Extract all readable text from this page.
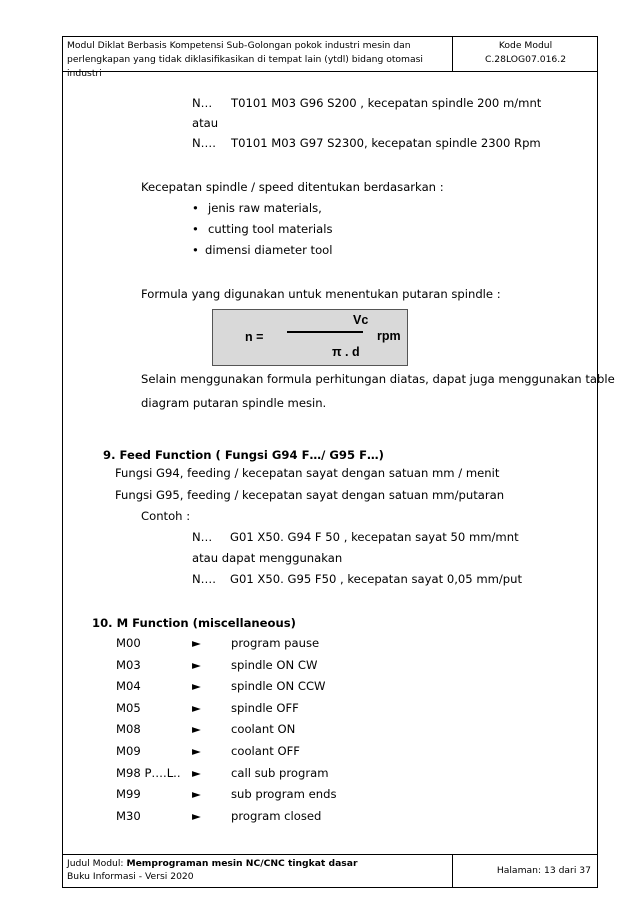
Modul Diklat Berbasis Kompetensi Sub-Golongan pokok industri mesin dan
perlengkapan yang tidak diklasifikasikan di tempat lain (ytdl) bidang otomasi industri
Kode Modul
C.28LOG07.016.2
N… T0101 M03 G96 S200 , kecepatan spindle 200 m/mnt
atau
N…. T0101 M03 G97 S2300, kecepatan spindle 2300 Rpm
Kecepatan spindle / speed ditentukan berdasarkan :
• jenis raw materials,
• cutting tool materials
• dimensi diameter tool
Formula yang digunakan untuk menentukan putaran spindle :
n =
Vc
π . d
rpm
Selain menggunakan formula perhitungan diatas, dapat juga menggunakan table
diagram putaran spindle mesin.
9. Feed Function ( Fungsi G94 F…/ G95 F…)
Fungsi G94, feeding / kecepatan sayat dengan satuan mm / menit
Fungsi G95, feeding / kecepatan sayat dengan satuan mm/putaran
Contoh :
N… G01 X50. G94 F 50 , kecepatan sayat 50 mm/mnt
atau dapat menggunakan
N…. G01 X50. G95 F50 , kecepatan sayat 0,05 mm/put
10. M Function (miscellaneous)
M00	►	program pause
M03	►	spindle ON CW
M04	►	spindle ON CCW
M05	►	spindle OFF
M08	►	coolant ON
M09	►	coolant OFF
M98 P….L.. ►	call sub program
M99	►	sub program ends
M30	►	program closed
Judul Modul: Memprograman mesin NC/CNC tingkat dasar
Buku Informasi - Versi 2020
Halaman: 13 dari 37
